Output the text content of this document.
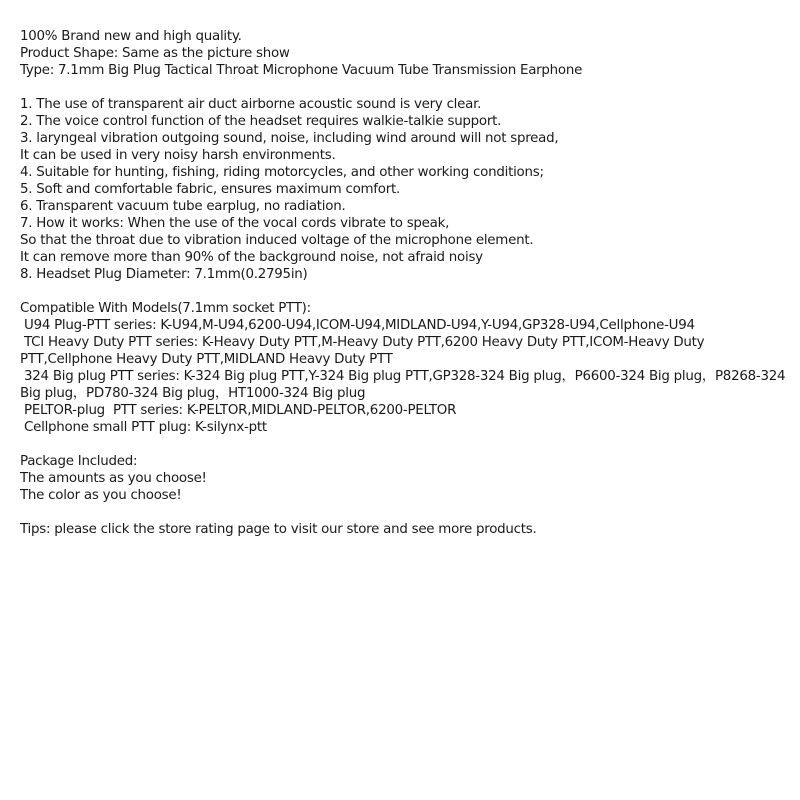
100% Brand new and high quality.
Product Shape: Same as the picture show
Type: 7.1mm Big Plug Tactical Throat Microphone Vacuum Tube Transmission Earphone
1. The use of transparent air duct airborne acoustic sound is very clear.
2. The voice control function of the headset requires walkie-talkie support.
3. laryngeal vibration outgoing sound, noise, including wind around will not spread,
It can be used in very noisy harsh environments.
4. Suitable for hunting, fishing, riding motorcycles, and other working conditions;
5. Soft and comfortable fabric, ensures maximum comfort.
6. Transparent vacuum tube earplug, no radiation.
7. How it works: When the use of the vocal cords vibrate to speak,
So that the throat due to vibration induced voltage of the microphone element.
It can remove more than 90% of the background noise, not afraid noisy
8. Headset Plug Diameter: 7.1mm(0.2795in)
Compatible With Models(7.1mm socket PTT):
U94 Plug-PTT series: K-U94,M-U94,6200-U94,ICOM-U94,MIDLAND-U94,Y-U94,GP328-U94,Cellphone-U94
TCI Heavy Duty PTT series: K-Heavy Duty PTT,M-Heavy Duty PTT,6200 Heavy Duty PTT,ICOM-Heavy Duty PTT,Cellphone Heavy Duty PTT,MIDLAND Heavy Duty PTT
324 Big plug PTT series: K-324 Big plug PTT,Y-324 Big plug PTT,GP328-324 Big plug，P6600-324 Big plug，P8268-324 Big plug，PD780-324 Big plug，HT1000-324 Big plug
PELTOR-plug  PTT series: K-PELTOR,MIDLAND-PELTOR,6200-PELTOR
Cellphone small PTT plug: K-silynx-ptt
Package Included:
The amounts as you choose!
The color as you choose!
Tips: please click the store rating page to visit our store and see more products.
